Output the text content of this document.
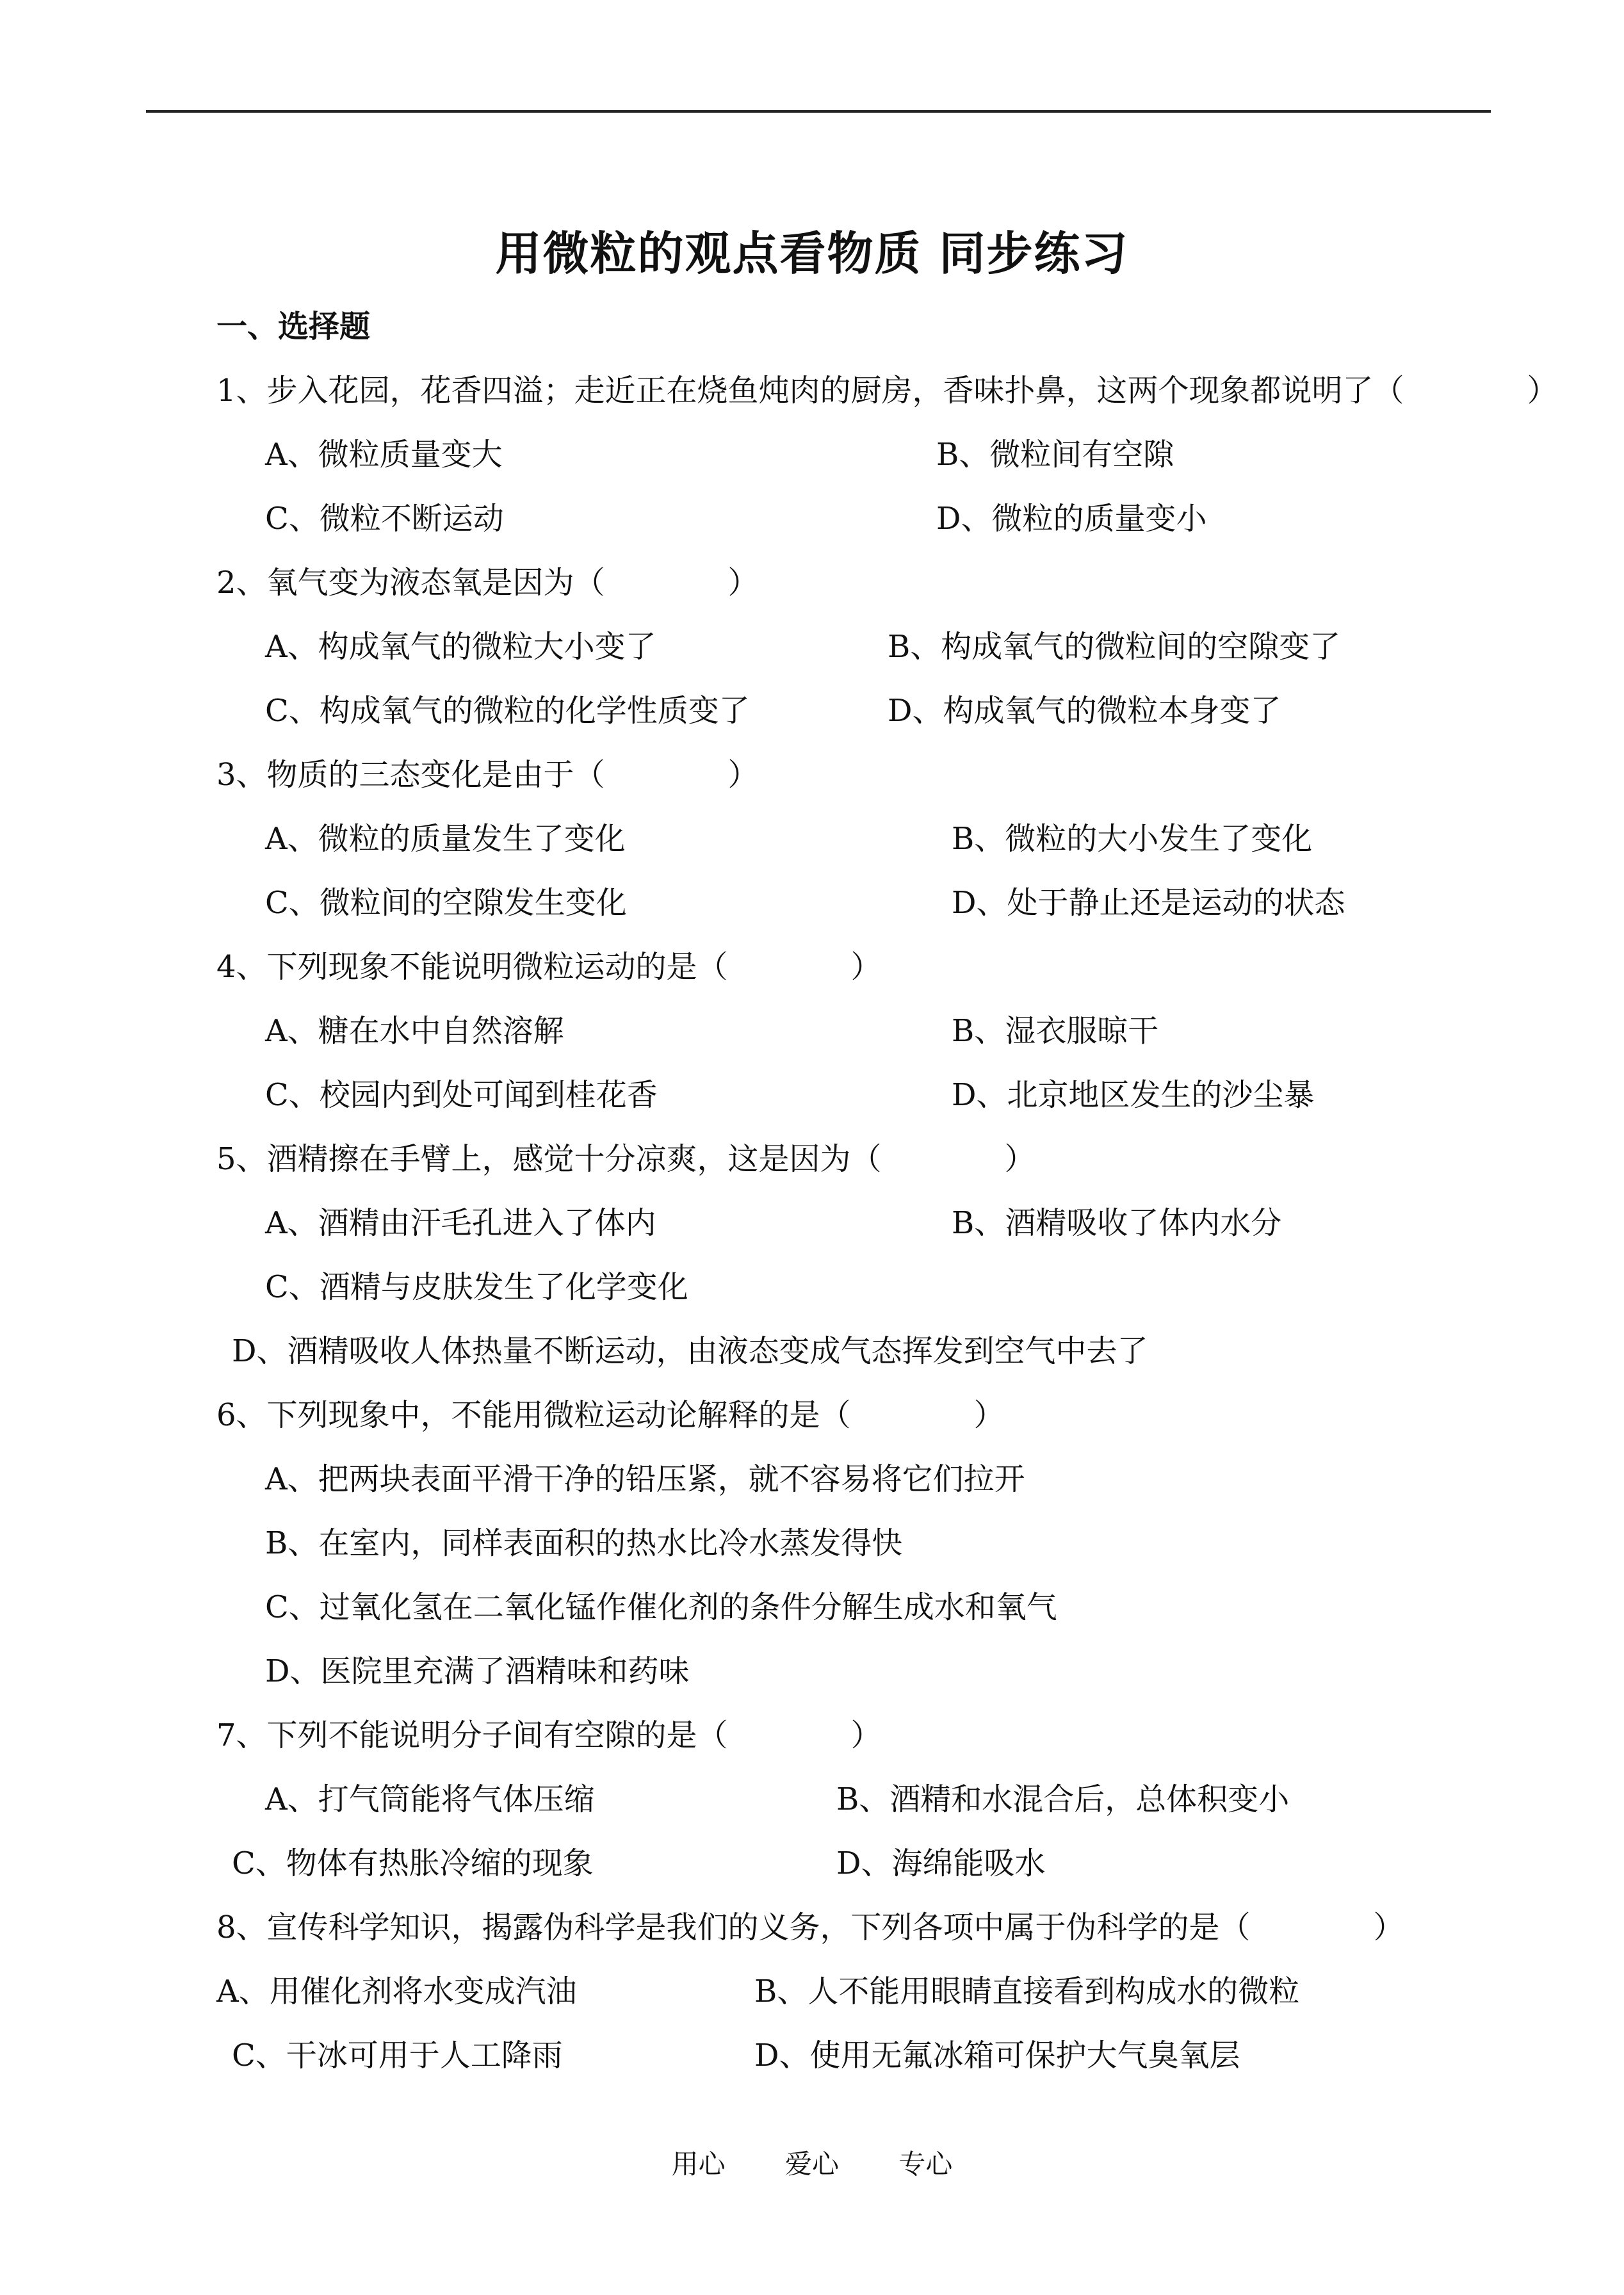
用微粒的观点看物质 同步练习
一、选择题
1、步入花园，花香四溢；走近正在烧鱼炖肉的厨房，香味扑鼻，这两个现象都说明了（　　　　）
A、微粒质量变大	B、微粒间有空隙
C、微粒不断运动	D、微粒的质量变小
2、氧气变为液态氧是因为（　　　　）
A、构成氧气的微粒大小变了	B、构成氧气的微粒间的空隙变了
C、构成氧气的微粒的化学性质变了	D、构成氧气的微粒本身变了
3、物质的三态变化是由于（　　　　）
A、微粒的质量发生了变化	B、微粒的大小发生了变化
C、微粒间的空隙发生变化	D、处于静止还是运动的状态
4、下列现象不能说明微粒运动的是（　　　　）
A、糖在水中自然溶解	B、湿衣服晾干
C、校园内到处可闻到桂花香	D、北京地区发生的沙尘暴
5、酒精擦在手臂上，感觉十分凉爽，这是因为（　　　　）
A、酒精由汗毛孔进入了体内	B、酒精吸收了体内水分
C、酒精与皮肤发生了化学变化
D、酒精吸收人体热量不断运动，由液态变成气态挥发到空气中去了
6、下列现象中，不能用微粒运动论解释的是（　　　　）
A、把两块表面平滑干净的铅压紧，就不容易将它们拉开
B、在室内，同样表面积的热水比冷水蒸发得快
C、过氧化氢在二氧化锰作催化剂的条件分解生成水和氧气
D、医院里充满了酒精味和药味
7、下列不能说明分子间有空隙的是（　　　　）
A、打气筒能将气体压缩	B、酒精和水混合后，总体积变小
C、物体有热胀冷缩的现象	D、海绵能吸水
8、宣传科学知识，揭露伪科学是我们的义务，下列各项中属于伪科学的是（　　　　）
A、用催化剂将水变成汽油	B、人不能用眼睛直接看到构成水的微粒
C、干冰可用于人工降雨	D、使用无氟冰箱可保护大气臭氧层
用心 爱心 专心
